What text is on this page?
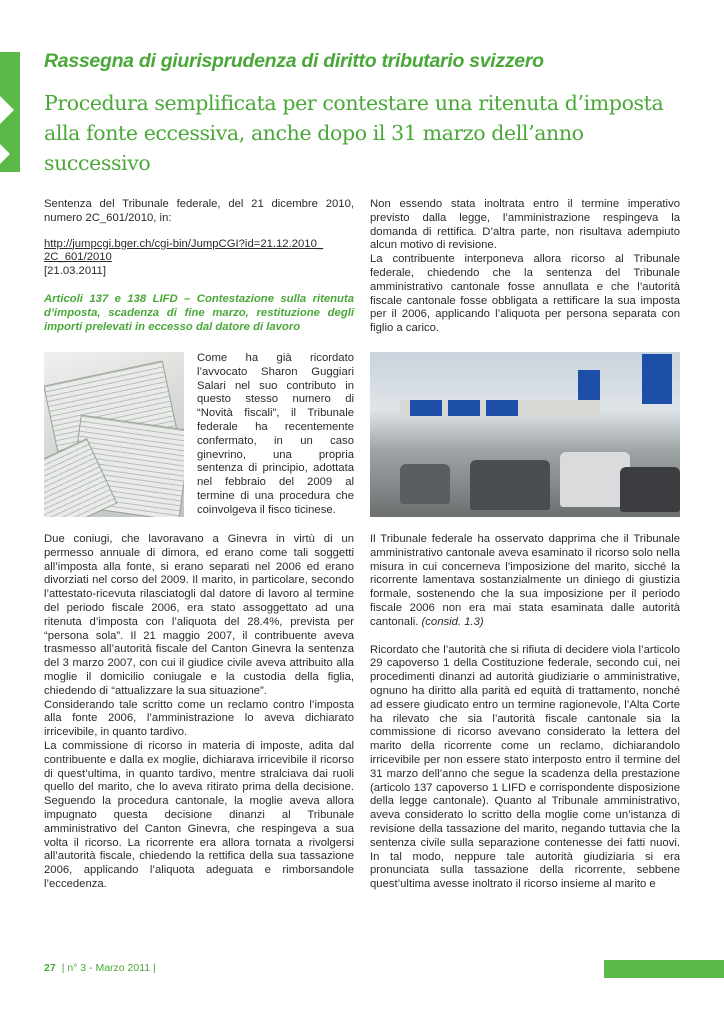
Rassegna di giurisprudenza di diritto tributario svizzero
Procedura semplificata per contestare una ritenuta d’imposta
alla fonte eccessiva, anche dopo il 31 marzo dell’anno successivo

Sentenza del Tribunale federale, del 21 dicembre 2010, numero 2C_601/2010, in:

http://jumpcgi.bger.ch/cgi-bin/JumpCGI?id=21.12.2010_
2C_601/2010
[21.03.2011]

Articoli 137 e 138 LIFD – Contestazione sulla ritenuta d’imposta, scadenza di fine marzo, restituzione degli importi prelevati in eccesso dal datore di lavoro

Come ha già ricordato l’avvocato Sharon Guggiari Salari nel suo contributo in questo stesso numero di “Novità fiscali”, il Tribunale federale ha recentemente confermato, in un caso ginevrino, una propria sentenza di principio, adottata nel febbraio del 2009 al termine di una procedura che coinvolgeva il fisco ticinese.

Due coniugi, che lavoravano a Ginevra in virtù di un permesso annuale di dimora, ed erano come tali soggetti all’imposta alla fonte, si erano separati nel 2006 ed erano divorziati nel corso del 2009. Il marito, in particolare, secondo l’attestato-ricevuta rilasciatogli dal datore di lavoro al termine del periodo fiscale 2006, era stato assoggettato ad una ritenuta d’imposta con l’aliquota del 28.4%, prevista per “persona sola”. Il 21 maggio 2007, il contribuente aveva trasmesso all’autorità fiscale del Canton Ginevra la sentenza del 3 marzo 2007, con cui il giudice civile aveva attribuito alla moglie il domicilio coniugale e la custodia della figlia, chiedendo di “attualizzare la sua situazione”.

Considerando tale scritto come un reclamo contro l’imposta alla fonte 2006, l’amministrazione lo aveva dichiarato irricevibile, in quanto tardivo.

La commissione di ricorso in materia di imposte, adita dal contribuente e dalla ex moglie, dichiarava irricevibile il ricorso di quest’ultima, in quanto tardivo, mentre stralciava dai ruoli quello del marito, che lo aveva ritirato prima della decisione. Seguendo la procedura cantonale, la moglie aveva allora impugnato questa decisione dinanzi al Tribunale amministrativo del Canton Ginevra, che respingeva a sua volta il ricorso. La ricorrente era allora tornata a rivolgersi all’autorità fiscale, chiedendo la rettifica della sua tassazione 2006, applicando l’aliquota adeguata e rimborsandole l’eccedenza.

Non essendo stata inoltrata entro il termine imperativo previsto dalla legge, l’amministrazione respingeva la domanda di rettifica. D’altra parte, non risultava adempiuto alcun motivo di revisione.

La contribuente interponeva allora ricorso al Tribunale federale, chiedendo che la sentenza del Tribunale amministrativo cantonale fosse annullata e che l’autorità fiscale cantonale fosse obbligata a rettificare la sua imposta per il 2006, applicando l’aliquota per persona separata con figlio a carico.

Il Tribunale federale ha osservato dapprima che il Tribunale amministrativo cantonale aveva esaminato il ricorso solo nella misura in cui concerneva l’imposizione del marito, sicché la ricorrente lamentava sostanzialmente un diniego di giustizia formale, sostenendo che la sua imposizione per il periodo fiscale 2006 non era mai stata esaminata dalle autorità cantonali. (consid. 1.3)

Ricordato che l’autorità che si rifiuta di decidere viola l’articolo 29 capoverso 1 della Costituzione federale, secondo cui, nei procedimenti dinanzi ad autorità giudiziarie o amministrative, ognuno ha diritto alla parità ed equità di trattamento, nonché ad essere giudicato entro un termine ragionevole, l’Alta Corte ha rilevato che sia l’autorità fiscale cantonale sia la commissione di ricorso avevano considerato la lettera del marito della ricorrente come un reclamo, dichiarandolo irricevibile per non essere stato interposto entro il termine del 31 marzo dell’anno che segue la scadenza della prestazione (articolo 137 capoverso 1 LIFD e corrispondente disposizione della legge cantonale). Quanto al Tribunale amministrativo, aveva considerato lo scritto della moglie come un’istanza di revisione della tassazione del marito, negando tuttavia che la sentenza civile sulla separazione contenesse dei fatti nuovi. In tal modo, neppure tale autorità giudiziaria si era pronunciata sulla tassazione della ricorrente, sebbene quest’ultima avesse inoltrato il ricorso insieme al marito e

27 | n° 3 - Marzo 2011 |
